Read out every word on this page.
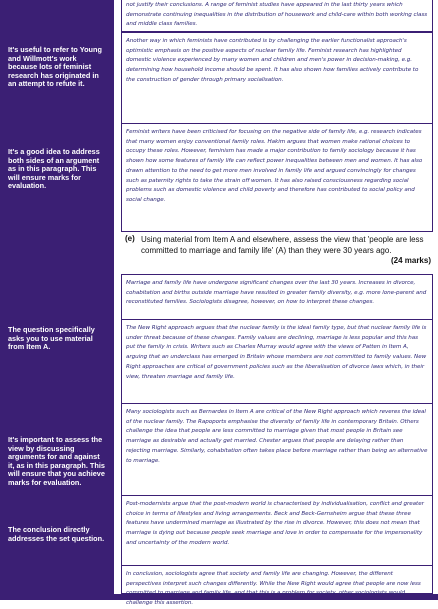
It's useful to refer to Young and Willmott's work because lots of feminist research has originated in an attempt to refute it.
It's a good idea to address both sides of an argument as in this paragraph. This will ensure marks for evaluation.
The question specifically asks you to use material from Item A.
It's important to assess the view by discussing arguments for and against it, as in this paragraph. This will ensure that you achieve marks for evaluation.
The conclusion directly addresses the set question.

not justify their conclusions. A range of feminist studies have appeared in the last thirty years which demonstrate continuing inequalities in the distribution of housework and child-care within both working class and middle class families.

Another way in which feminists have contributed is by challenging the earlier functionalist approach's optimistic emphasis on the positive aspects of nuclear family life. Feminist research has highlighted domestic violence experienced by many women and children and men's power in decision-making, e.g. determining how household income should be spent. It has also shown how families actively contribute to the construction of gender through primary socialisation.

Feminist writers have been criticised for focusing on the negative side of family life, e.g. research indicates that many women enjoy conventional family roles. Hakim argues that women make rational choices to occupy these roles. However, feminism has made a major contribution to family sociology because it has shown how some features of family life can reflect power inequalities between men and women. It has also drawn attention to the need to get more men involved in family life and argued convincingly for changes such as paternity rights to take the strain off women. It has also raised consciousness regarding social problems such as domestic violence and child poverty and therefore has contributed to social policy and social change.

(e) Using material from Item A and elsewhere, assess the view that 'people are less committed to marriage and family life' (A) than they were 30 years ago.
(24 marks)

Marriage and family life have undergone significant changes over the last 30 years. Increases in divorce, cohabitation and births outside marriage have resulted in greater family diversity, e.g. more lone-parent and reconstituted families. Sociologists disagree, however, on how to interpret these changes.

The New Right approach argues that the nuclear family is the ideal family type, but that nuclear family life is under threat because of these changes. Family values are declining, marriage is less popular and this has put the family in crisis. Writers such as Charles Murray would agree with the views of Patten in Item A, arguing that an underclass has emerged in Britain whose members are not committed to family values. New Right approaches are critical of government policies such as the liberalisation of divorce laws which, in their view, threaten marriage and family life.

Many sociologists such as Bernardes in Item A are critical of the New Right approach which reveres the ideal of the nuclear family. The Rapoports emphasise the diversity of family life in contemporary Britain. Others challenge the idea that people are less committed to marriage given that most people in Britain see marriage as desirable and actually get married. Chester argues that people are delaying rather than rejecting marriage. Similarly, cohabitation often takes place before marriage rather than being an alternative to marriage.

Post-modernists argue that the post-modern world is characterised by individualisation, conflict and greater choice in terms of lifestyles and living arrangements. Beck and Beck-Gernsheim argue that these three features have undermined marriage as illustrated by the rise in divorce. However, this does not mean that marriage is dying out because people seek marriage and love in order to compensate for the impersonality and uncertainty of the modern world.

In conclusion, sociologists agree that society and family life are changing. However, the different perspectives interpret such changes differently. While the New Right would agree that people are now less challenge this assertion.
